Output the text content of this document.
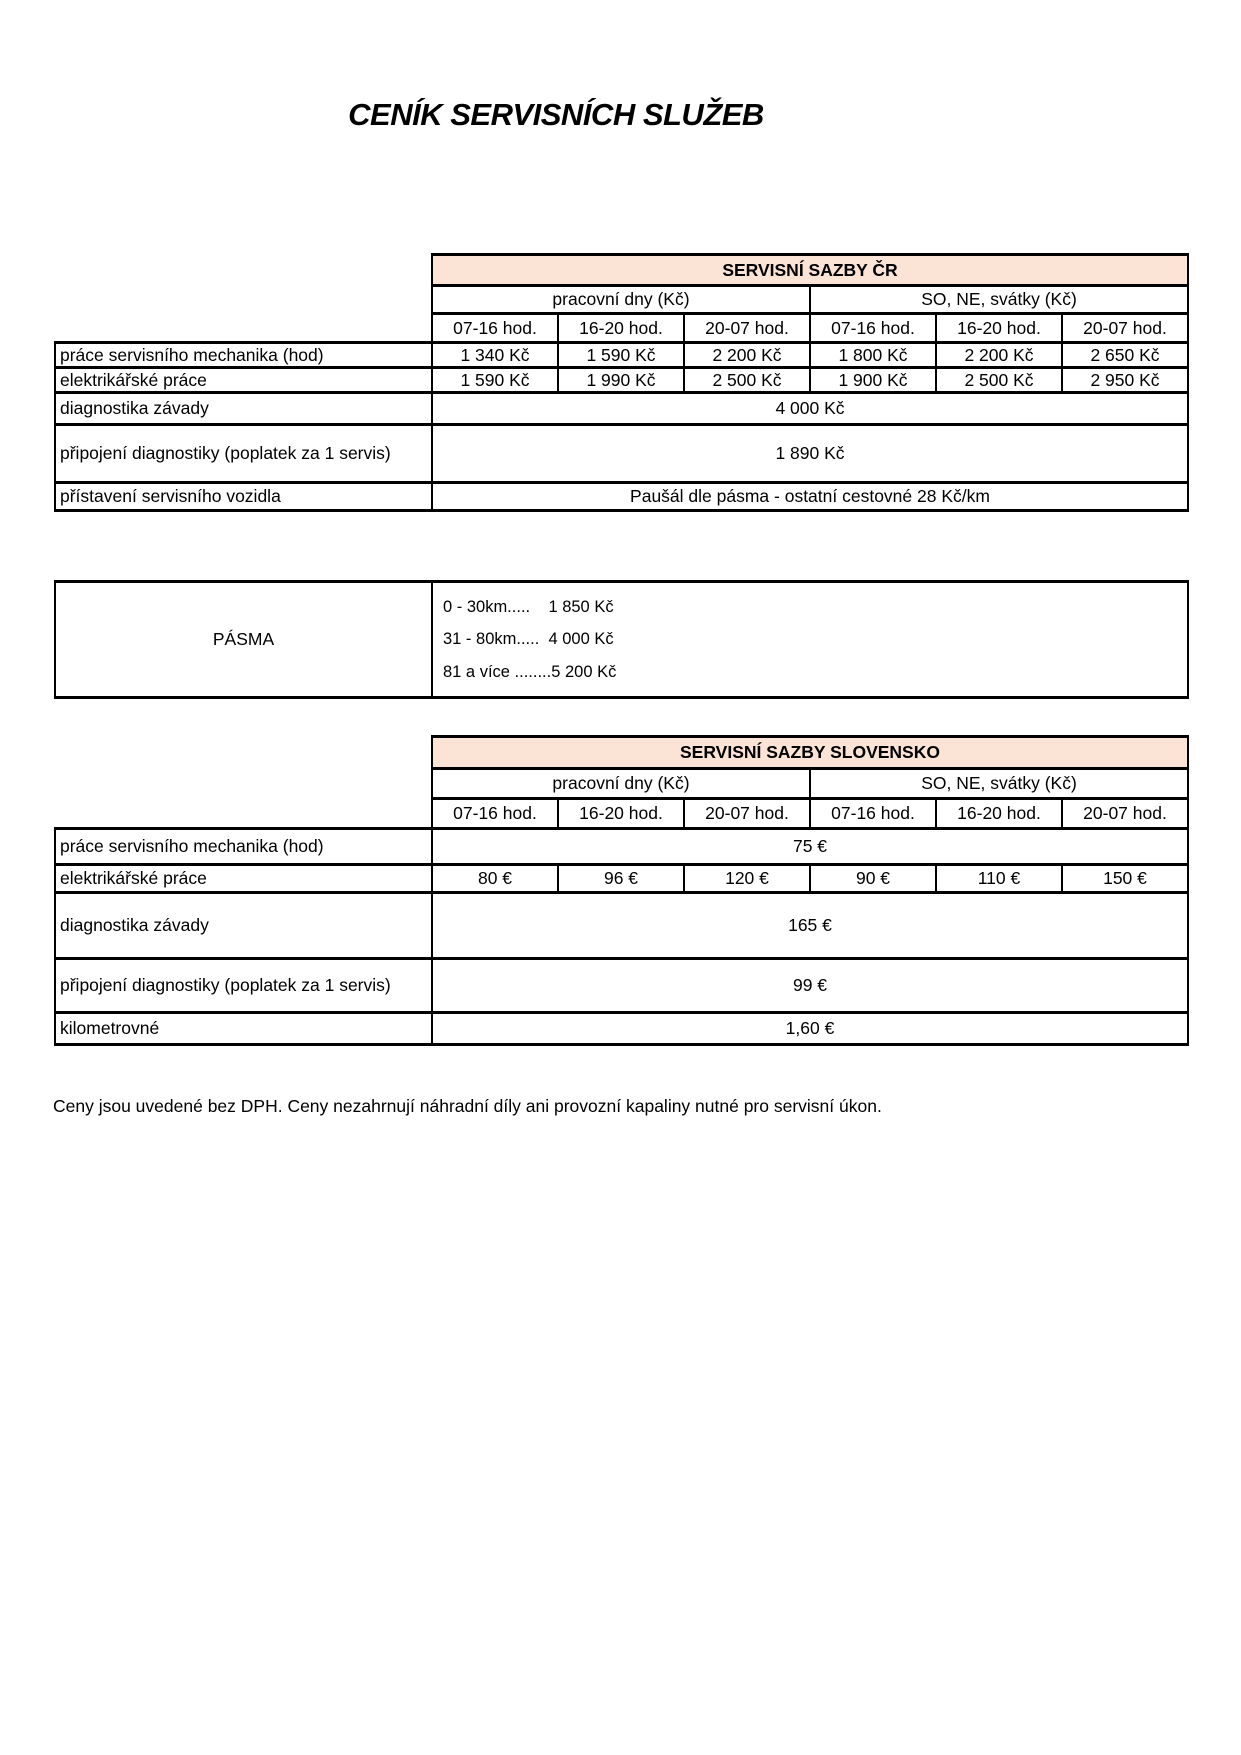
CENÍK SERVISNÍCH SLUŽEB
	SERVISNÍ SAZBY ČR					
	pracovní dny (Kč)			SO, NE, svátky (Kč)		
	07-16 hod.	16-20 hod.	20-07 hod.	07-16 hod.	16-20 hod.	20-07 hod.
práce servisního mechanika (hod)	1 340 Kč	1 590 Kč	2 200 Kč	1 800 Kč	2 200 Kč	2 650 Kč
elektrikářské práce	1 590 Kč	1 990 Kč	2 500 Kč	1 900 Kč	2 500 Kč	2 950 Kč
diagnostika závady	4 000 Kč					
připojení diagnostiky (poplatek za 1 servis)	1 890 Kč					
přístavení servisního vozidla	Paušál dle pásma - ostatní cestovné 28 Kč/km					
PÁSMA	
0 - 30km.....    1 850 Kč
31 - 80km.....  4 000 Kč
81 a více ........5 200 Kč
	SERVISNÍ SAZBY SLOVENSKO					
	pracovní dny (Kč)			SO, NE, svátky (Kč)		
	07-16 hod.	16-20 hod.	20-07 hod.	07-16 hod.	16-20 hod.	20-07 hod.
práce servisního mechanika (hod)	75 €					
elektrikářské práce	80 €	96 €	120 €	90 €	110 €	150 €
diagnostika závady	165 €					
připojení diagnostiky (poplatek za 1 servis)	99 €					
kilometrovné	1,60 €					
Ceny jsou uvedené bez DPH. Ceny nezahrnují náhradní díly ani provozní kapaliny nutné pro servisní úkon.
